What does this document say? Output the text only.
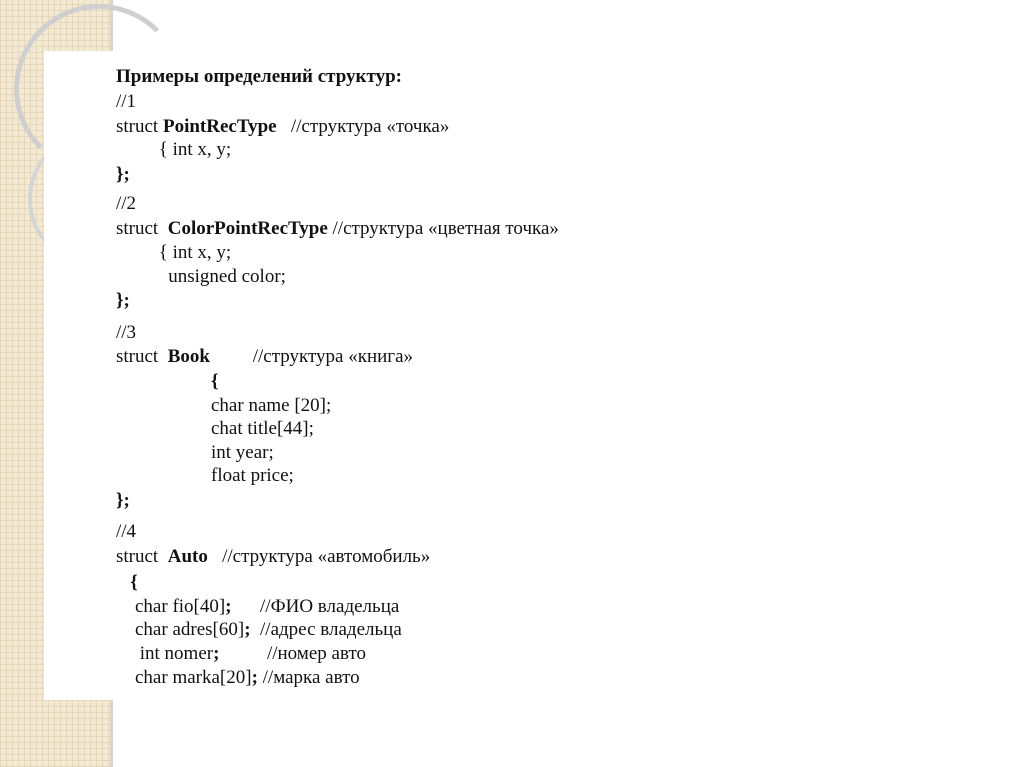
Примеры определений структур:
//1
struct PointRecType   //структура «точка»
{ int x, y;
};
//2
struct  ColorPointRecType //структура «цветная точка»
{ int x, y;
unsigned color;
};
//3
struct  Book         //структура «книга»
{
char name [20];
chat title[44];
int year;
float price;
};
//4
struct  Auto   //структура «автомобиль»
{
char fio[40];      //ФИО владельца
char adres[60];  //адрес владельца
int nomer;          //номер авто
char marka[20]; //марка авто
